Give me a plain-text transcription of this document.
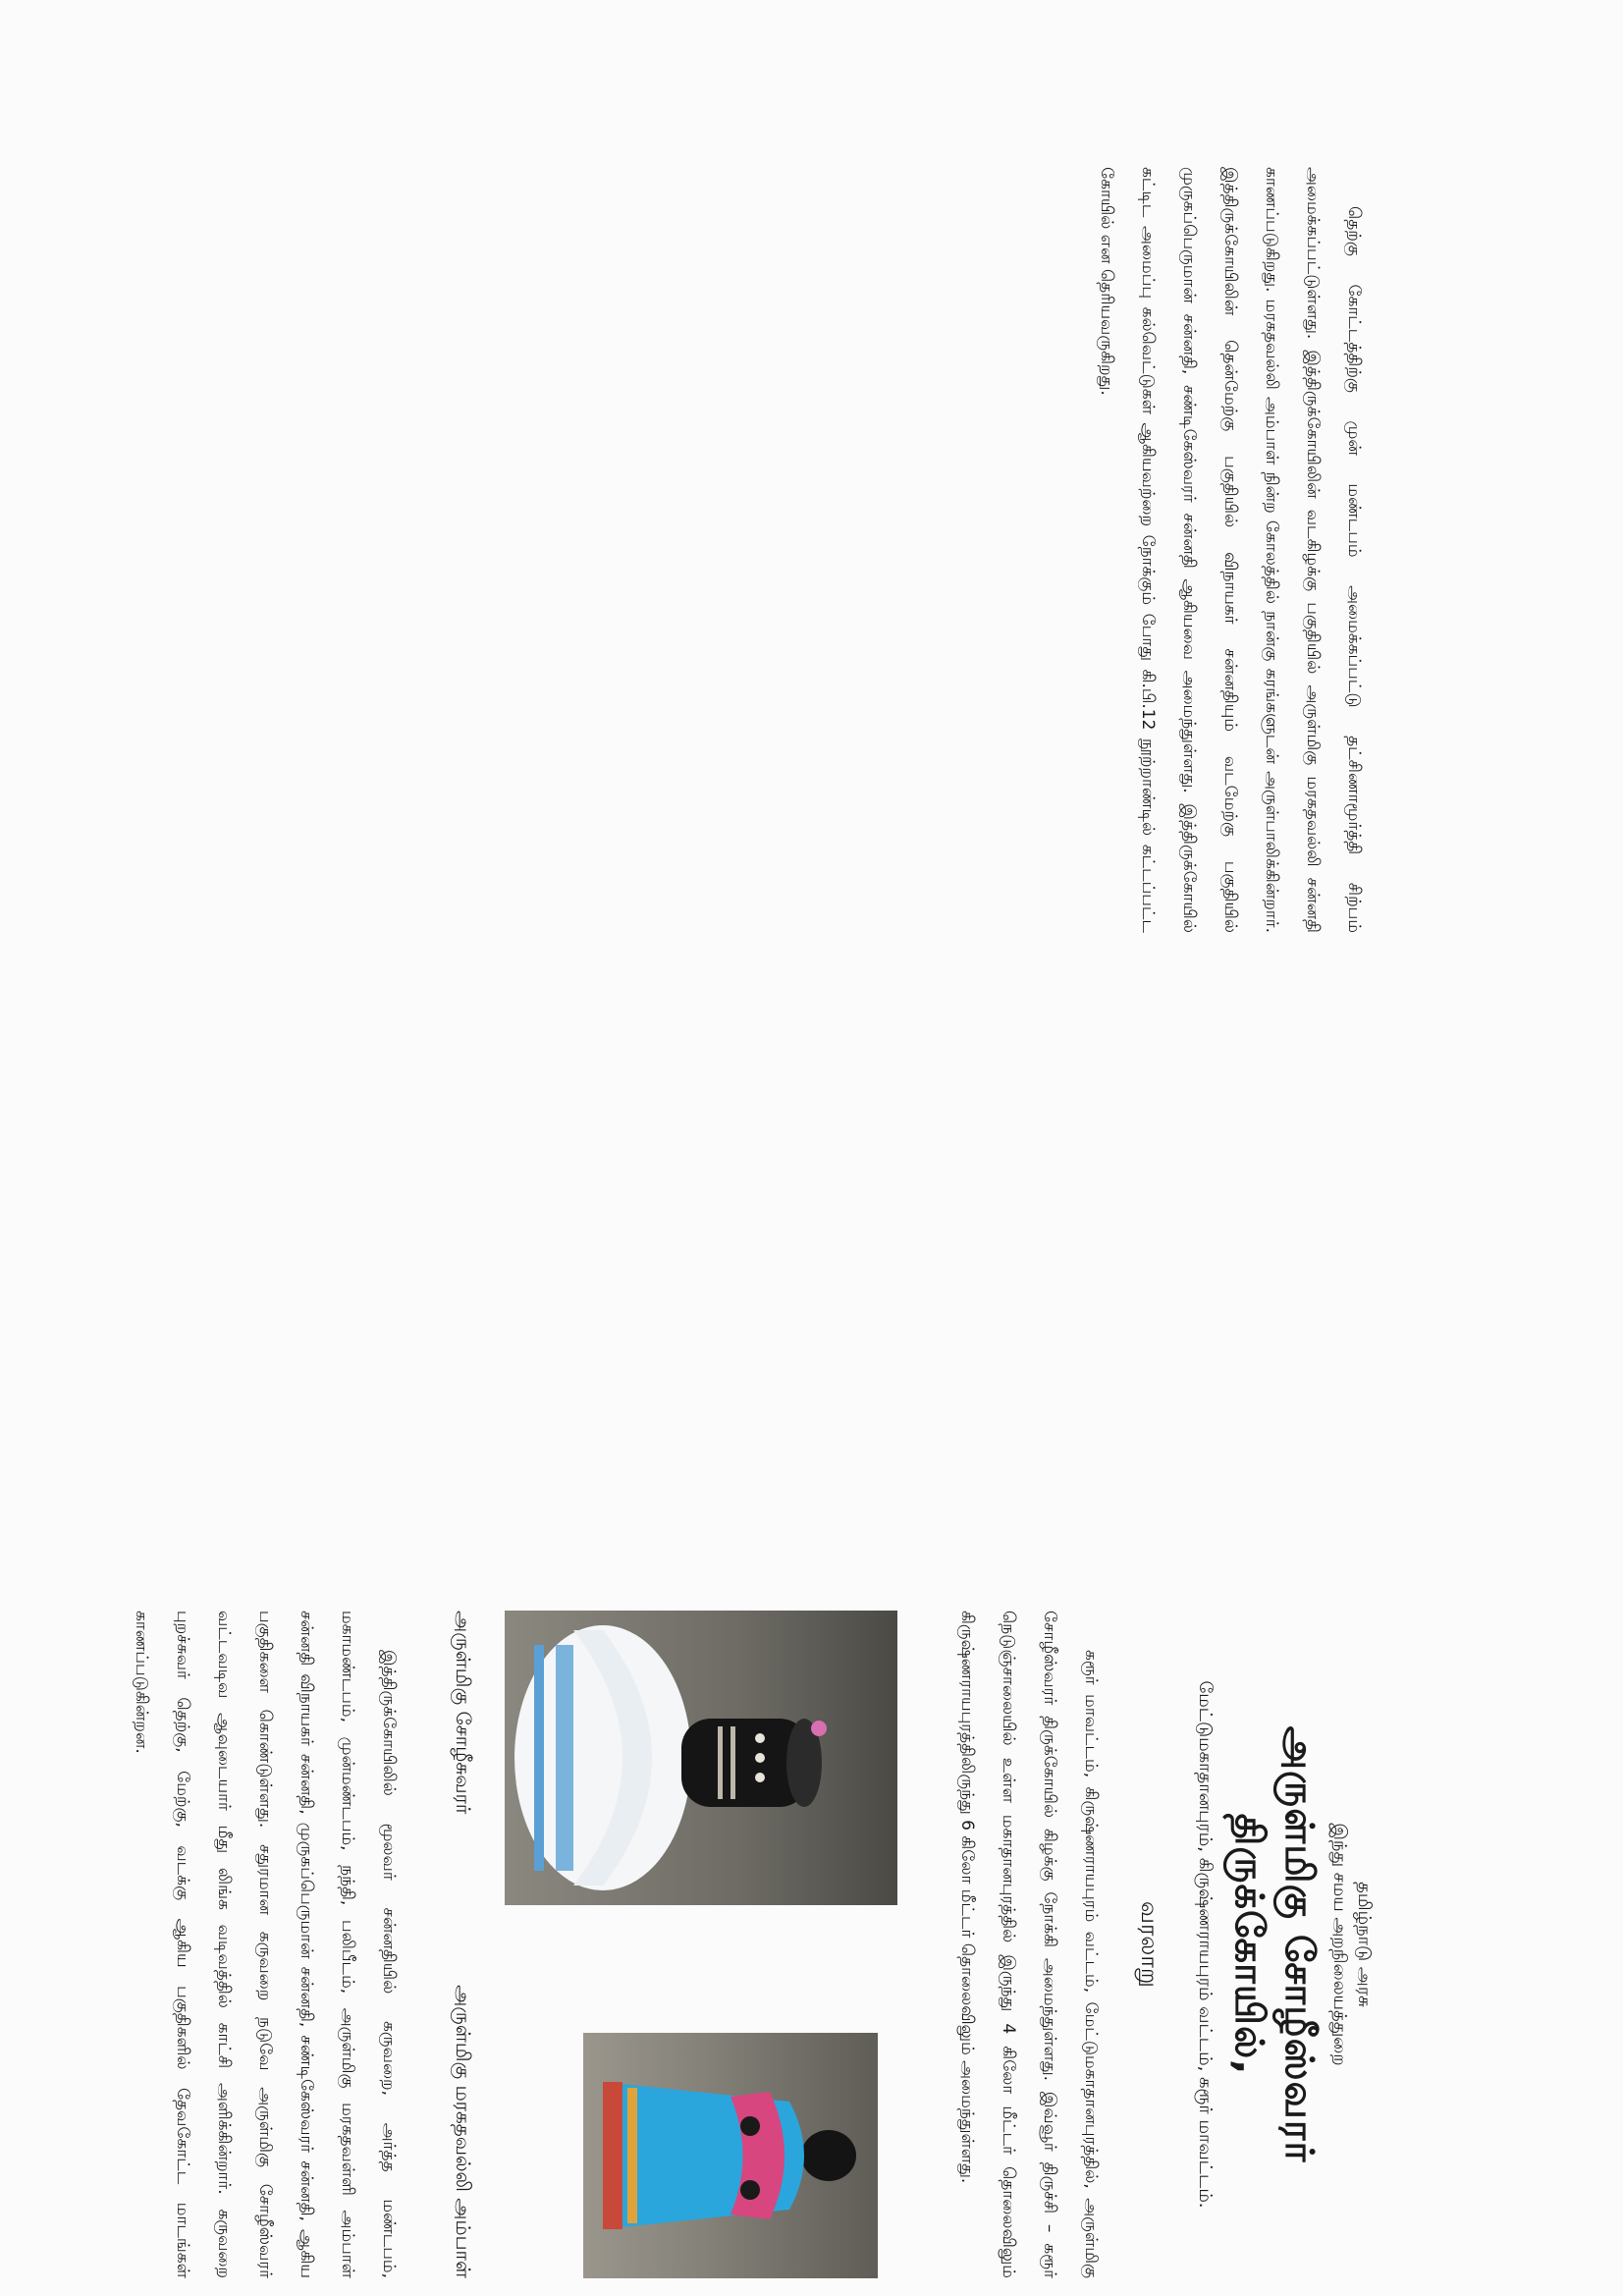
தமிழ்நாடு அரசு
இந்து சமய அறநிலையத்துறை
அருள்மிகு சோழீஸ்வரர் திருக்கோயில்,
மேட்டுமகாதானபுரம், கிருஷ்ணராயபுரம் வட்டம், கரூர் மாவட்டம்.
வரலாறு

கரூர் மாவட்டம், கிருஷ்ணராயபுரம் வட்டம், மேட்டுமகாதானபுரத்தில், அருள்மிகு சோழீஸ்வரர் திருக்கோயில் கிழக்கு நோக்கி அமைந்துள்ளது. இவ்வூர் திருச்சி – கரூர் நெடுஞ்சாலையில் உள்ள மகாதானபுரத்தில் இருந்து 4 கிலோ மீட்டர் தொலைவிலும் கிருஷ்ணராயபுரத்திலிருந்து 6 கிலோ மீட்டர் தொலைவிலும் அமைந்துள்ளது.

அருள்மிகு சோழீசுவரர்
அருள்மிகு மரகதவல்லி அம்பாள்

இத்திருக்கோயிலில் மூலவர் சன்னதியில் கருவறை, அர்த்த மண்டபம், மகாமண்டபம், முன்மண்டபம், நந்தி, பலிபீடம், அருள்மிகு மரகதவள்ளி அம்பாள் சன்னதி விநாயகர் சன்னதி, முருகப்பெருமான் சன்னதி, சண்டிகேஸ்வரர் சன்னதி, ஆகிய பகுதிகளை கொண்டுள்ளது. சதுரமான கருவறை நடுவே அருள்மிகு சோழீஸ்வரர் வட்டவடிவ ஆவுடையார் மீது லிங்க வடிவத்தில் காட்சி அளிக்கின்றார். கருவறை புறச்சுவர் தெற்கு, மேற்கு, வடக்கு ஆகிய பகுதிகளில் தேவகோட்ட மாடங்கள் காணப்படுகின்றன.

தெற்கு கோட்டத்திற்கு முன் மண்டபம் அமைக்கப்பட்டு தட்சிணாமூர்த்தி சிற்பம் அமைக்கப்பட்டுள்ளது. இத்திருக்கோயிலின் வடகிழக்கு பகுதியில் அருள்மிகு மரகதவல்லி சன்னதி காணப்படுகிறது. மரகதவல்லி அம்பாள் நின்ற கோலத்தில் நான்கு கரங்களுடன் அருள்பாலிக்கின்றார். இத்திருக்கோயிலின் தென்மேற்கு பகுதியில் விநாயகர் சன்னதியும் வடமேற்கு பகுதியில் முருகப்பெருமான் சன்னதி, சண்டிகேஸ்வரர் சன்னதி ஆகியவை அமைந்துள்ளது. இத்திருக்கோயில் கட்டிட அமைப்பு கல்வெட்டுகள் ஆகியவற்றை நோக்கும் போது கி.பி.12 நூற்றாண்டில் கட்டப்பட்ட கோயில் என தெரியவருகிறது.
